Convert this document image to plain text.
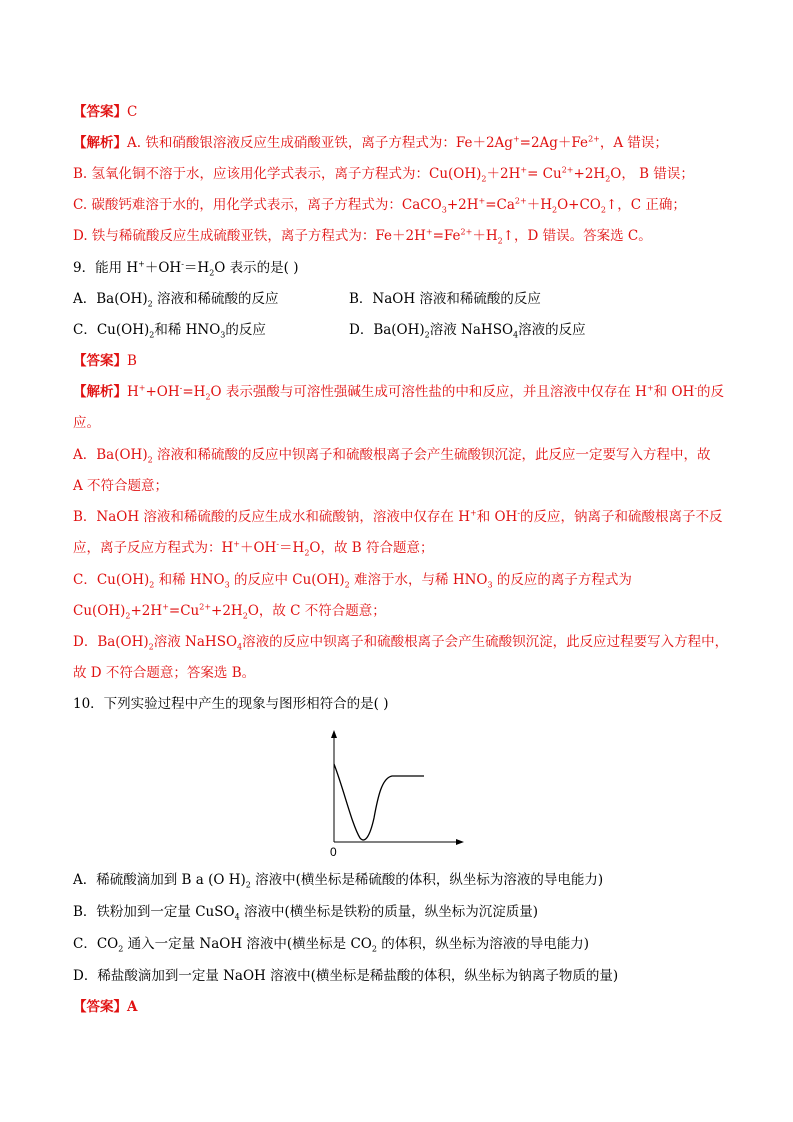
【答案】C
【解析】A. 铁和硝酸银溶液反应生成硝酸亚铁，离子方程式为：$Fe+2Ag^+=2Ag+Fe^{2+}$，A 错误；
B. 氢氧化铜不溶于水，应该用化学式表示，离子方程式为：$Cu(OH)_2+2H^+= Cu^{2+}+2H_2O$， B 错误；
C. 碳酸钙难溶于水的，用化学式表示，离子方程式为：$CaCO_3+2H^+=Ca^{2+}+H_2O+CO_2↑$，C 正确；
D. 铁与稀硫酸反应生成硫酸亚铁，离子方程式为：$Fe+2H^+=Fe^{2+}+H_2↑$，D 错误。答案选 C。
9．能用 $H^++OH^-=H_2O$ 表示的是( )
A．$Ba(OH)_2$ 溶液和稀硫酸的反应	B．NaOH 溶液和稀硫酸的反应
C．$Cu(OH)_2$和稀 $HNO_3$的反应	D．$Ba(OH)_2$溶液 NaHSO$_4$溶液的反应
【答案】B
【解析】$H^++OH^-=H_2O$ 表示强酸与可溶性强碱生成可溶性盐的中和反应，并且溶液中仅存在 H+和 OH-的反
应。
A．$Ba(OH)_2$ 溶液和稀硫酸的反应中钡离子和硫酸根离子会产生硫酸钡沉淀，此反应一定要写入方程中，故
A 不符合题意；
B．NaOH 溶液和稀硫酸的反应生成水和硫酸钠，溶液中仅存在 H+和 OH-的反应，钠离子和硫酸根离子不反
应，离子反应方程式为：$H^++OH^-=H_2O$，故 B 符合题意；
C．$Cu(OH)_2$ 和稀 $HNO_3$ 的反应中 $Cu(OH)_2$ 难溶于水，与稀 $HNO_3$ 的反应的离子方程式为
$Cu(OH)_2+2H^+=Cu^{2+}+2H_2O$，故 C 不符合题意；
D．$Ba(OH)_2$溶液 NaHSO$_4$溶液的反应中钡离子和硫酸根离子会产生硫酸钡沉淀，此反应过程要写入方程中，
故 D 不符合题意；答案选 B。
10．下列实验过程中产生的现象与图形相符合的是( )
0
A．稀硫酸滴加到 B a (O $H)_2$ 溶液中(横坐标是稀硫酸的体积，纵坐标为溶液的导电能力)
B．铁粉加到一定量 CuSO$_4$ 溶液中(横坐标是铁粉的质量，纵坐标为沉淀质量)
C．$CO_2$ 通入一定量 NaOH 溶液中(横坐标是 $CO_2$ 的体积，纵坐标为溶液的导电能力)
D．稀盐酸滴加到一定量 NaOH 溶液中(横坐标是稀盐酸的体积，纵坐标为钠离子物质的量)
【答案】A
